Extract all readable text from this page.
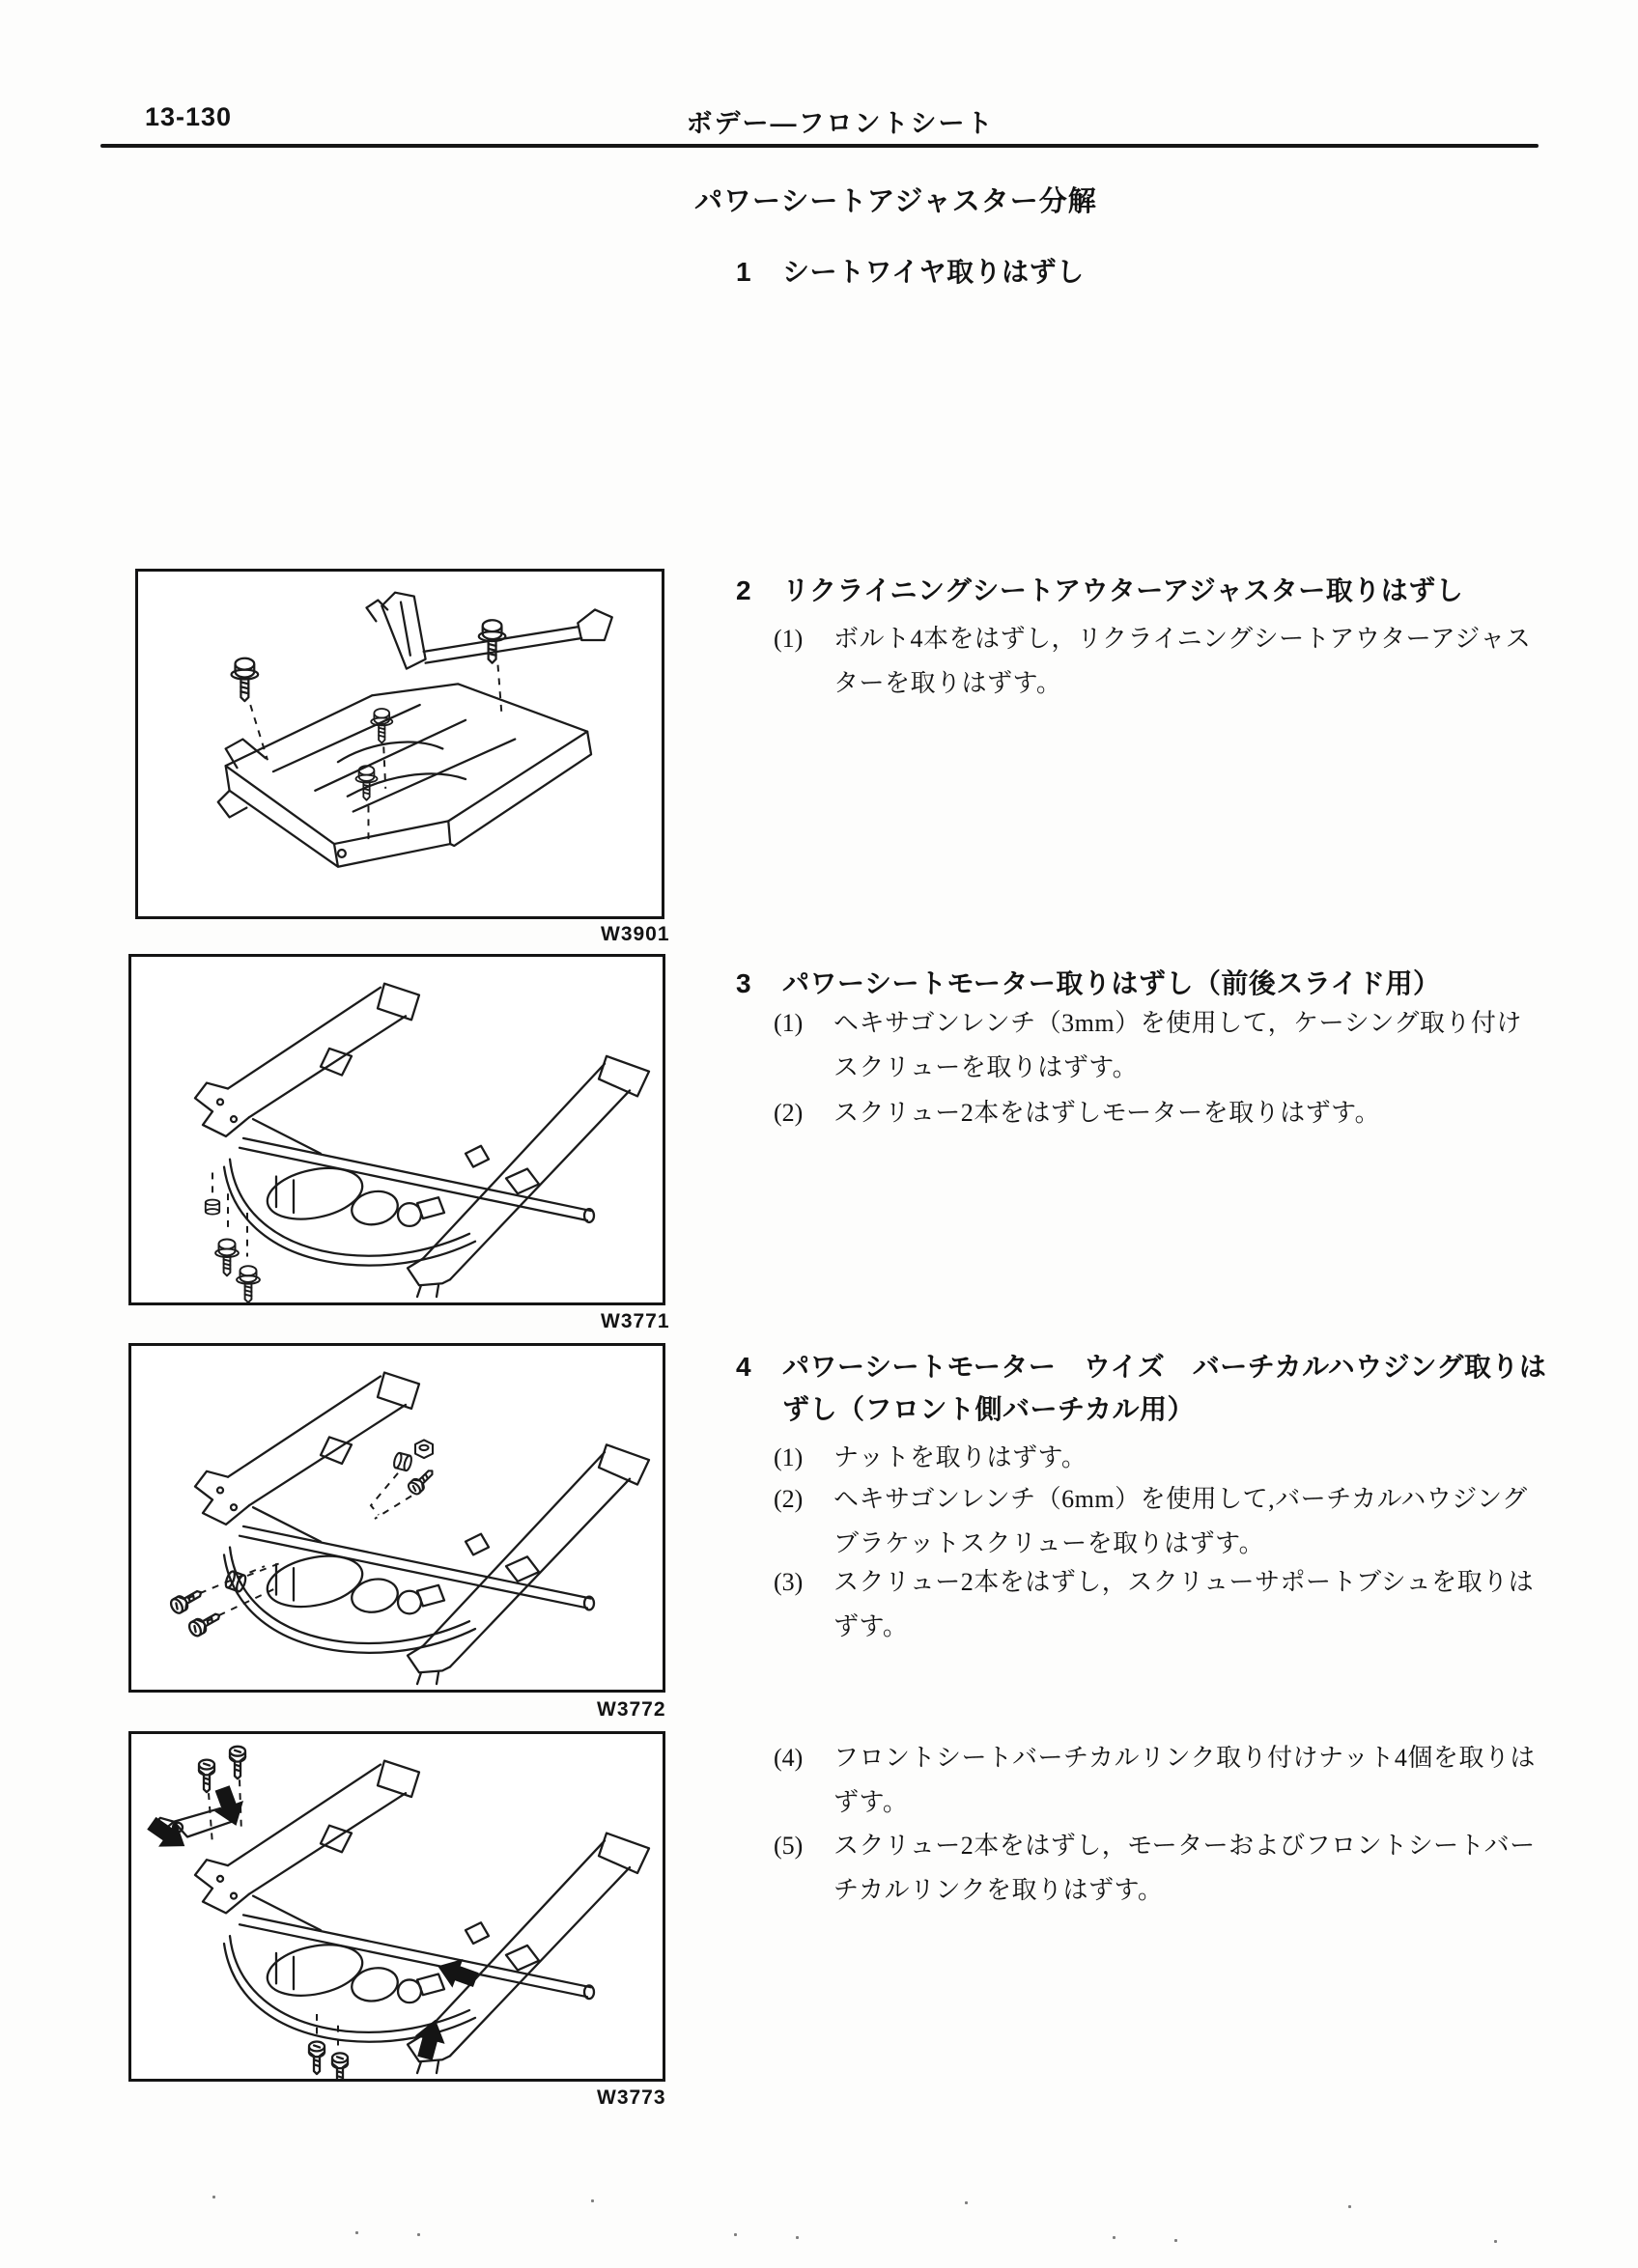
13-130	ボデー—フロントシート
パワーシートアジャスター分解
1	シートワイヤ取りはずし
2	リクライニングシートアウターアジャスター取りはずし
(1)	ボルト4本をはずし，リクライニングシートアウターアジャスターを取りはずす。
3	パワーシートモーター取りはずし（前後スライド用）
(1)	ヘキサゴンレンチ（3mm）を使用して，ケーシング取り付けスクリューを取りはずす。
(2)	スクリュー2本をはずしモーターを取りはずす。
4	パワーシートモーター　ウイズ　バーチカルハウジング取りはずし（フロント側バーチカル用）
(1)	ナットを取りはずす。
(2)	ヘキサゴンレンチ（6mm）を使用して,バーチカルハウジングブラケットスクリューを取りはずす。
(3)	スクリュー2本をはずし，スクリューサポートブシュを取りはずす。
(4)	フロントシートバーチカルリンク取り付けナット4個を取りはずす。
(5)	スクリュー2本をはずし，モーターおよびフロントシートバーチカルリンクを取りはずす。
W3901
W3771
W3772
W3773
